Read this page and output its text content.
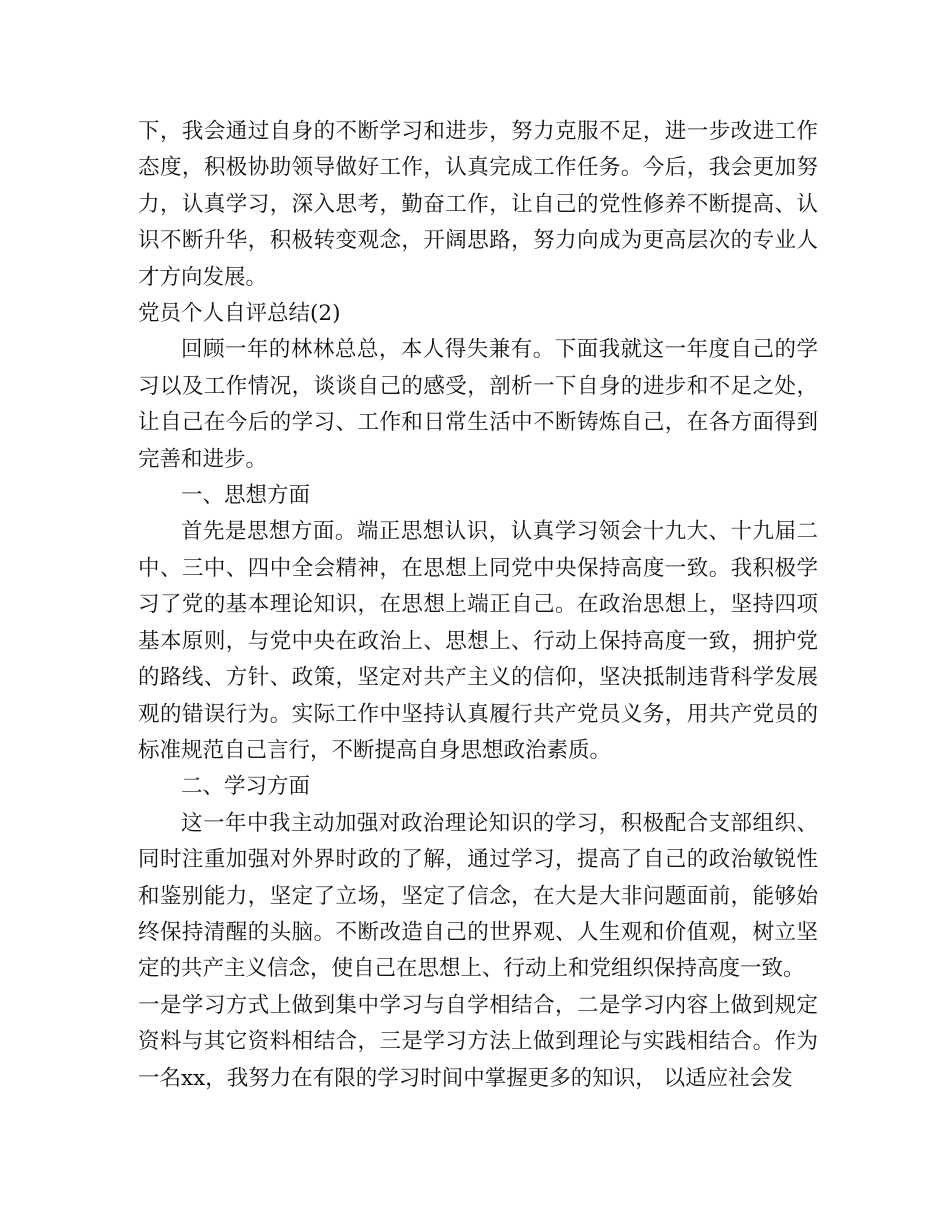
下，我会通过自身的不断学习和进步，努力克服不足，进一步改进工作态度，积极协助领导做好工作，认真完成工作任务。今后，我会更加努力，认真学习，深入思考，勤奋工作，让自己的党性修养不断提高、认识不断升华，积极转变观念，开阔思路，努力向成为更高层次的专业人才方向发展。

党员个人自评总结(2)

回顾一年的林林总总，本人得失兼有。下面我就这一年度自己的学习以及工作情况，谈谈自己的感受，剖析一下自身的进步和不足之处，让自己在今后的学习、工作和日常生活中不断铸炼自己，在各方面得到完善和进步。

一、思想方面

首先是思想方面。端正思想认识，认真学习领会十九大、十九届二中、三中、四中全会精神，在思想上同党中央保持高度一致。我积极学习了党的基本理论知识，在思想上端正自己。在政治思想上，坚持四项基本原则，与党中央在政治上、思想上、行动上保持高度一致，拥护党的路线、方针、政策，坚定对共产主义的信仰，坚决抵制违背科学发展观的错误行为。实际工作中坚持认真履行共产党员义务，用共产党员的标准规范自己言行，不断提高自身思想政治素质。

二、学习方面

这一年中我主动加强对政治理论知识的学习，积极配合支部组织、同时注重加强对外界时政的了解，通过学习，提高了自己的政治敏锐性和鉴别能力，坚定了立场，坚定了信念，在大是大非问题面前，能够始终保持清醒的头脑。不断改造自己的世界观、人生观和价值观，树立坚定的共产主义信念，使自己在思想上、行动上和党组织保持高度一致。

一是学习方式上做到集中学习与自学相结合，二是学习内容上做到规定资料与其它资料相结合，三是学习方法上做到理论与实践相结合。作为一名xx，我努力在有限的学习时间中掌握更多的知识， 以适应社会发
